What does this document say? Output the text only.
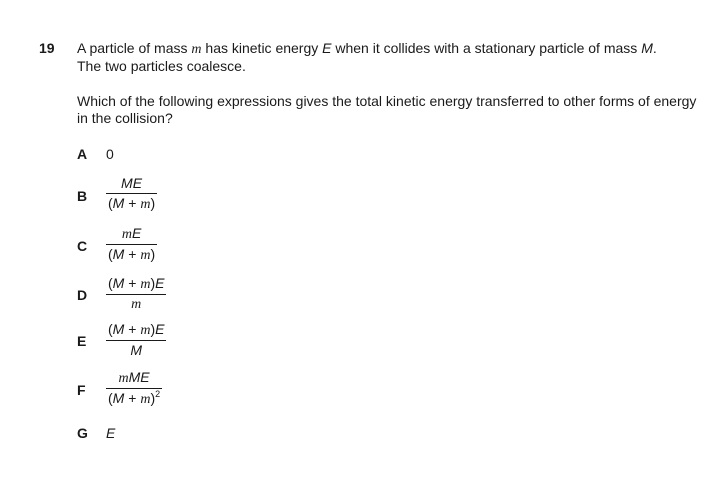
19 A particle of mass m has kinetic energy E when it collides with a stationary particle of mass M.
The two particles coalesce.
Which of the following expressions gives the total kinetic energy transferred to other forms of energy in the collision?
A 0
B
ME
(M + m)
C
mE
(M + m)
D
(M + m)E
m
E
(M + m)E
M
F
mME
$(M + m)^2$
G E
